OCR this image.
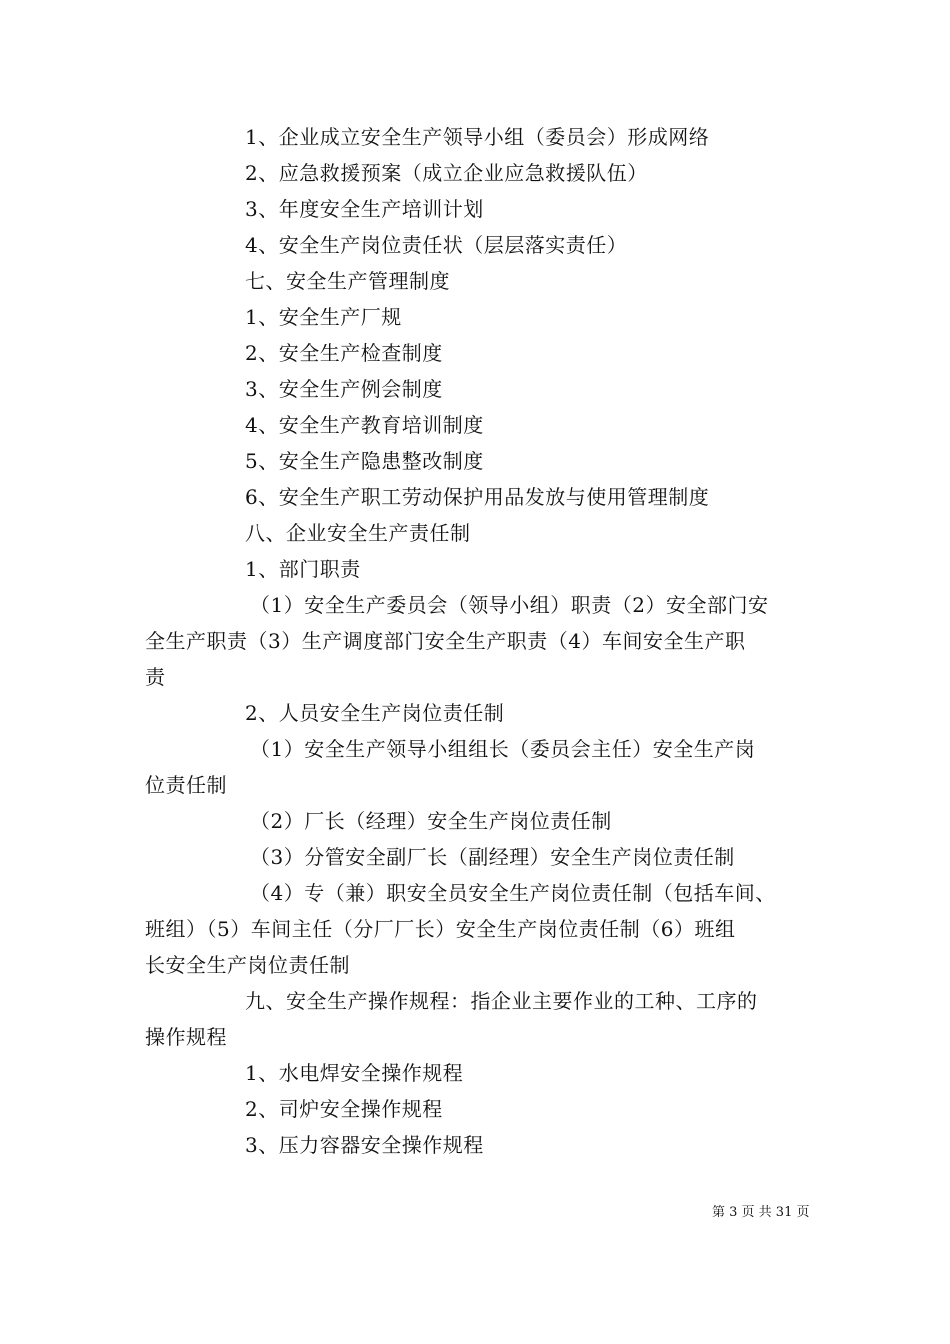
1、企业成立安全生产领导小组（委员会）形成网络
2、应急救援预案（成立企业应急救援队伍）
3、年度安全生产培训计划
4、安全生产岗位责任状（层层落实责任）
七、安全生产管理制度
1、安全生产厂规
2、安全生产检查制度
3、安全生产例会制度
4、安全生产教育培训制度
5、安全生产隐患整改制度
6、安全生产职工劳动保护用品发放与使用管理制度
八、企业安全生产责任制
1、部门职责
（1）安全生产委员会（领导小组）职责（2）安全部门安
全生产职责（3）生产调度部门安全生产职责（4）车间安全生产职
责
2、人员安全生产岗位责任制
（1）安全生产领导小组组长（委员会主任）安全生产岗
位责任制
（2）厂长（经理）安全生产岗位责任制
（3）分管安全副厂长（副经理）安全生产岗位责任制
（4）专（兼）职安全员安全生产岗位责任制（包括车间、
班组）（5）车间主任（分厂厂长）安全生产岗位责任制（6）班组
长安全生产岗位责任制
九、安全生产操作规程：指企业主要作业的工种、工序的
操作规程
1、水电焊安全操作规程
2、司炉安全操作规程
3、压力容器安全操作规程
第 3 页 共 31 页
